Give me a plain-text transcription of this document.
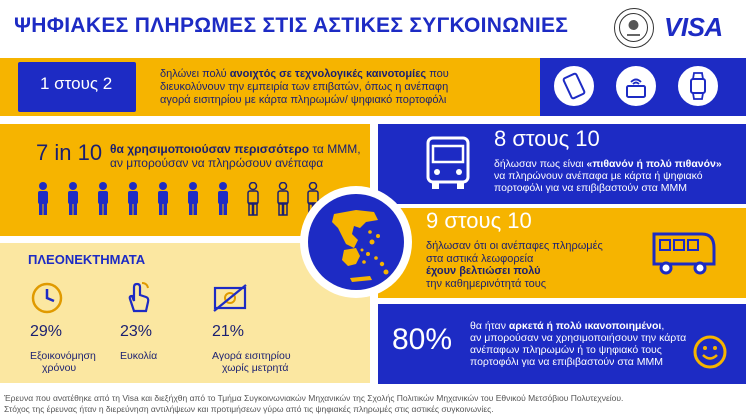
ΨΗΦΙΑΚΕΣ ΠΛΗΡΩΜΕΣ ΣΤΙΣ ΑΣΤΙΚΕΣ ΣΥΓΚΟΙΝΩΝΙΕΣ	VISA
1 στους 2	δηλώνει πολύ ανοιχτός σε τεχνολογικές καινοτομίες που
διευκολύνουν την εμπειρία των επιβατών, όπως η ανέπαφη
αγορά εισιτηρίου με κάρτα πληρωμών/ ψηφιακό πορτοφόλι
7 in 10 θα χρησιμοποιούσαν περισσότερο τα ΜΜΜ,
αν μπορούσαν να πληρώσουν ανέπαφα
8 στους 10
δήλωσαν πως είναι «πιθανόν ή πολύ πιθανόν»
να πληρώνουν ανέπαφα με κάρτα ή ψηφιακό
πορτοφόλι για να επιβιβαστούν στα ΜΜΜ
9 στους 10
δήλωσαν ότι οι ανέπαφες πληρωμές
στα αστικά λεωφορεία
έχουν βελτιώσει πολύ
την καθημερινότητά τους
ΠΛΕΟΝΕΚΤΗΜΑΤΑ
29%
Εξοικονόμηση
χρόνου
23%
Ευκολία
21%
Αγορά εισιτηρίου
χωρίς μετρητά
80% θα ήταν αρκετά ή πολύ ικανοποιημένοι,
αν μπορούσαν να χρησιμοποιήσουν την κάρτα
ανέπαφων πληρωμών ή το ψηφιακό τους
πορτοφόλι για να επιβιβαστούν στα ΜΜΜ
Έρευνα που ανατέθηκε από τη Visa και διεξήχθη από το Τμήμα Συγκοινωνιακών Μηχανικών της Σχολής Πολιτικών Μηχανικών του Εθνικού Μετσόβιου Πολυτεχνείου.
Στόχος της έρευνας ήταν η διερεύνηση αντιλήψεων και προτιμήσεων γύρω από τις ψηφιακές πληρωμές στις αστικές συγκοινωνίες.
